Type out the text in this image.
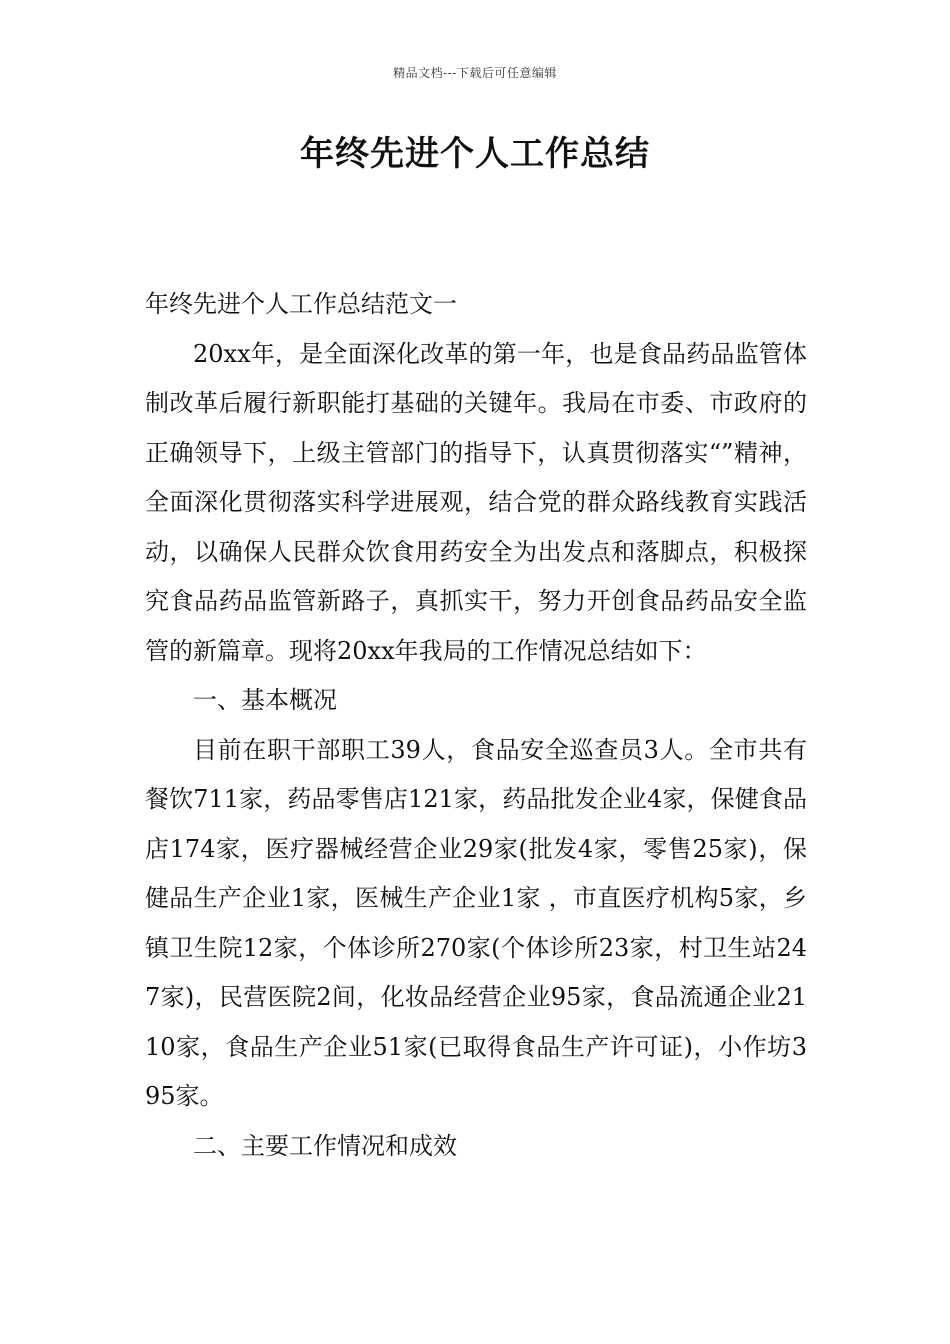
精品文档---下载后可任意编辑
年终先进个人工作总结

年终先进个人工作总结范文一

20xx年，是全面深化改革的第一年，也是食品药品监管体制改革后履行新职能打基础的关键年。我局在市委、市政府的正确领导下，上级主管部门的指导下，认真贯彻落实“”精神，全面深化贯彻落实科学进展观，结合党的群众路线教育实践活动，以确保人民群众饮食用药安全为出发点和落脚点，积极探究食品药品监管新路子，真抓实干，努力开创食品药品安全监管的新篇章。现将20xx年我局的工作情况总结如下：

一、基本概况

目前在职干部职工39人，食品安全巡查员3人。全市共有餐饮711家，药品零售店121家，药品批发企业4家，保健食品店174家，医疗器械经营企业29家(批发4家，零售25家)，保健品生产企业1家，医械生产企业1家 ，市直医疗机构5家，乡镇卫生院12家，个体诊所270家(个体诊所23家，村卫生站247家)，民营医院2间，化妆品经营企业95家，食品流通企业2110家，食品生产企业51家(已取得食品生产许可证)，小作坊395家。

二、主要工作情况和成效
